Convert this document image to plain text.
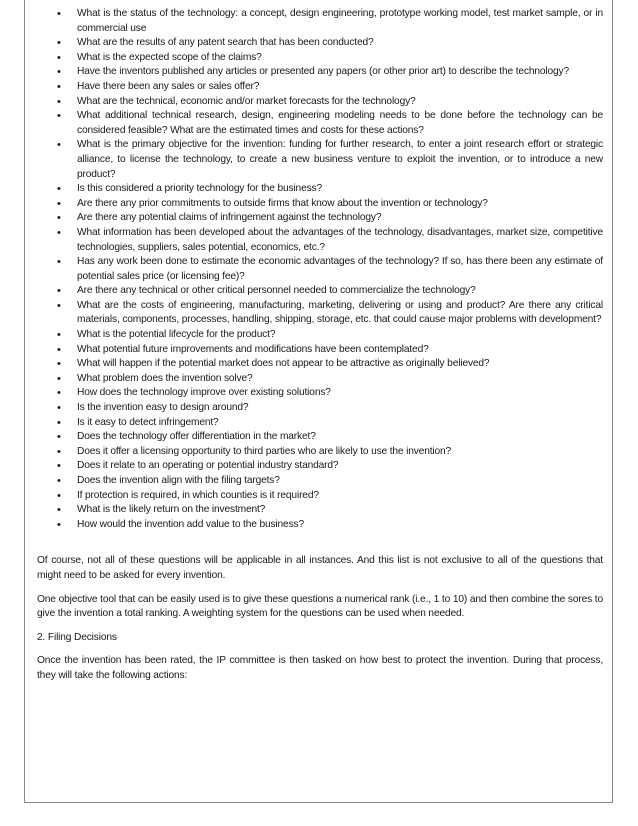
• What is the status of the technology: a concept, design engineering, prototype working model, test market sample, or in commercial use
• What are the results of any patent search that has been conducted?
• What is the expected scope of the claims?
• Have the inventors published any articles or presented any papers (or other prior art) to describe the technology?
• Have there been any sales or sales offer?
• What are the technical, economic and/or market forecasts for the technology?
• What additional technical research, design, engineering modeling needs to be done before the technology can be considered feasible? What are the estimated times and costs for these actions?
• What is the primary objective for the invention: funding for further research, to enter a joint research effort or strategic alliance, to license the technology, to create a new business venture to exploit the invention, or to introduce a new product?
• Is this considered a priority technology for the business?
• Are there any prior commitments to outside firms that know about the invention or technology?
• Are there any potential claims of infringement against the technology?
• What information has been developed about the advantages of the technology, disadvantages, market size, competitive technologies, suppliers, sales potential, economics, etc.?
• Has any work been done to estimate the economic advantages of the technology? If so, has there been any estimate of potential sales price (or licensing fee)?
• Are there any technical or other critical personnel needed to commercialize the technology?
• What are the costs of engineering, manufacturing, marketing, delivering or using and product? Are there any critical materials, components, processes, handling, shipping, storage, etc. that could cause major problems with development?
• What is the potential lifecycle for the product?
• What potential future improvements and modifications have been contemplated?
• What will happen if the potential market does not appear to be attractive as originally believed?
• What problem does the invention solve?
• How does the technology improve over existing solutions?
• Is the invention easy to design around?
• Is it easy to detect infringement?
• Does the technology offer differentiation in the market?
• Does it offer a licensing opportunity to third parties who are likely to use the invention?
• Does it relate to an operating or potential industry standard?
• Does the invention align with the filing targets?
• If protection is required, in which counties is it required?
• What is the likely return on the investment?
• How would the invention add value to the business?

Of course, not all of these questions will be applicable in all instances. And this list is not exclusive to all of the questions that might need to be asked for every invention.

One objective tool that can be easily used is to give these questions a numerical rank (i.e., 1 to 10) and then combine the sores to give the invention a total ranking. A weighting system for the questions can be used when needed.

2. Filing Decisions

Once the invention has been rated, the IP committee is then tasked on how best to protect the invention. During that process, they will take the following actions:
